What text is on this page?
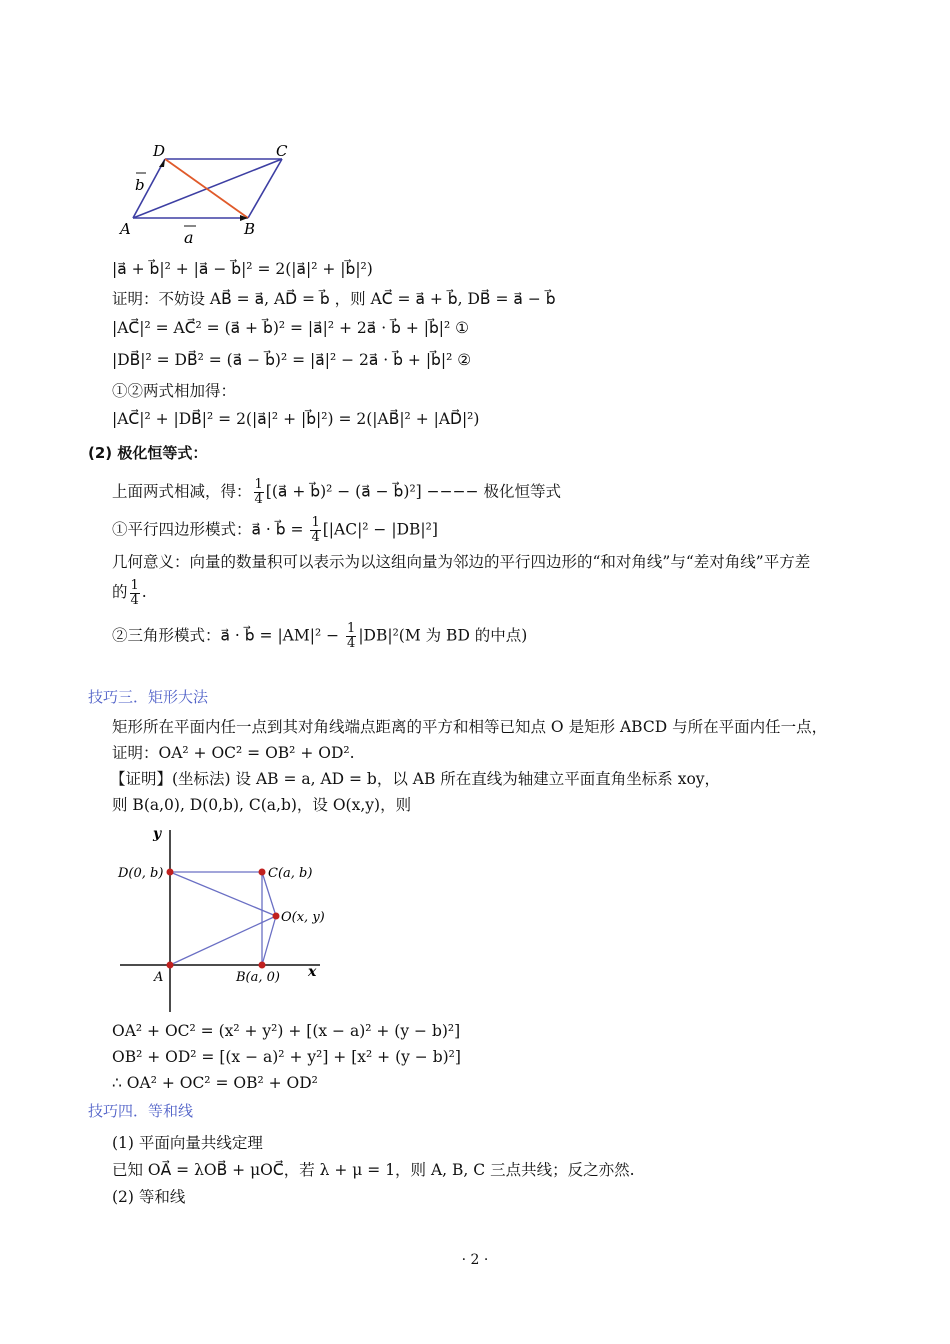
D	C
A	B
b
a
|a⃗ + b⃗|² + |a⃗ − b⃗|² = 2(|a⃗|² + |b⃗|²)
证明：不妨设 AB⃗ = a⃗, AD⃗ = b⃗ ，则 AC⃗ = a⃗ + b⃗, DB⃗ = a⃗ − b⃗
|AC⃗|² = AC⃗² = (a⃗ + b⃗)² = |a⃗|² + 2a⃗ · b⃗ + |b⃗|² ①
|DB⃗|² = DB⃗² = (a⃗ − b⃗)² = |a⃗|² − 2a⃗ · b⃗ + |b⃗|² ②
①②两式相加得：
|AC⃗|² + |DB⃗|² = 2(|a⃗|² + |b⃗|²) = 2(|AB⃗|² + |AD⃗|²)
(2) 极化恒等式：
上面两式相减，得： $\frac{1}{4}$ [(a⃗ + b⃗)² − (a⃗ − b⃗)²] −−−− 极化恒等式
①平行四边形模式：a⃗ · b⃗ = $\frac{1}{4} [|AC|^2 - |DB|^2]$
几何意义：向量的数量积可以表示为以这组向量为邻边的平行四边形的“和对角线”与“差对角线”平方差
的 $\frac{1}{4}$ .
②三角形模式：a⃗ · b⃗ = $|AM|^2 - \frac{1}{4} |DB|^2(M$ 为 BD 的中点)
技巧三．矩形大法
矩形所在平面内任一点到其对角线端点距离的平方和相等已知点 O 是矩形 ABCD 与所在平面内任一点，
证明：OA² + OC² = OB² + OD².
【证明】(坐标法) 设 AB = a, AD = b，以 AB 所在直线为轴建立平面直角坐标系 xoy，
则 B(a,0), D(0,b), C(a,b)，设 O(x,y)，则
y
x
D(0, b)	C(a, b)
O(x, y)
A	B(a, 0)
OA² + OC² = (x² + y²) + [(x − a)² + (y − b)²]
OB² + OD² = [(x − a)² + y²] + [x² + (y − b)²]
∴ OA² + OC² = OB² + OD²
技巧四．等和线
(1) 平面向量共线定理
已知 OA⃗ = λOB⃗ + μOC⃗，若 λ + μ = 1，则 A, B, C 三点共线；反之亦然.
(2) 等和线
· 2 ·
